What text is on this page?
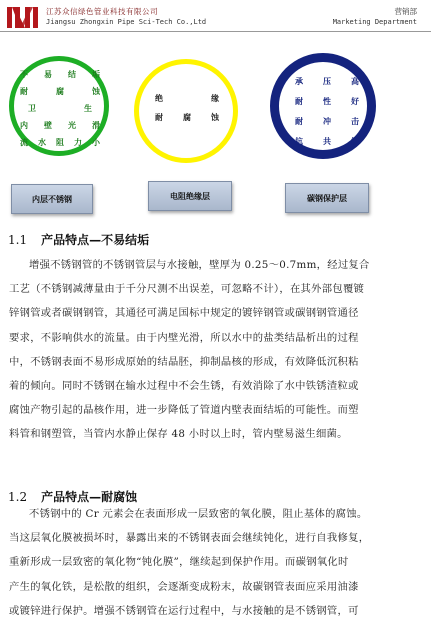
江苏众信绿色管业科技有限公司
Jiangsu Zhongxin Pipe Sci-Tech Co.,Ltd
营销部
Marketing Department
不 易 结 垢
耐	腐	蚀
卫	生
内 壁 光 滑
流 水 阻 力 小
绝	缘
耐	腐	蚀
承	压	高
耐	性	好
耐	冲	击
抗	共	振
内层不锈钢	电阻绝缘层	碳钢保护层
1.1 产品特点—不易结垢
增强不锈钢管的不锈钢管层与水接触，壁厚为 0.25～0.7mm，经过复合
工艺（不锈钢减薄量由于千分尺测不出误差，可忽略不计），在其外部包覆镀
锌钢管或者碳钢钢管，其通径可满足国标中规定的镀锌钢管或碳钢钢管通径
要求，不影响供水的流量。由于内壁光滑，所以水中的盐类结晶析出的过程
中，不锈钢表面不易形成原始的结晶胚，抑制晶核的形成，有效降低沉积粘
着的倾向。同时不锈钢在输水过程中不会生锈，有效消除了水中铁锈渣粒或
腐蚀产物引起的晶核作用，进一步降低了管道内壁表面结垢的可能性。而塑
料管和钢塑管，当管内水静止保存 48 小时以上时，管内壁易滋生细菌。
1.2 产品特点—耐腐蚀
不锈钢中的 Cr 元素会在表面形成一层致密的氧化膜，阻止基体的腐蚀。
当这层氧化膜被损坏时，暴露出来的不锈钢表面会继续钝化，进行自我修复，
重新形成一层致密的氧化物“钝化膜”，继续起到保护作用。而碳钢氧化时
产生的氧化铁，是松散的组织，会逐渐变成粉末，故碳钢管表面应采用油漆
或镀锌进行保护。增强不锈钢管在运行过程中，与水接触的是不锈钢管，可
